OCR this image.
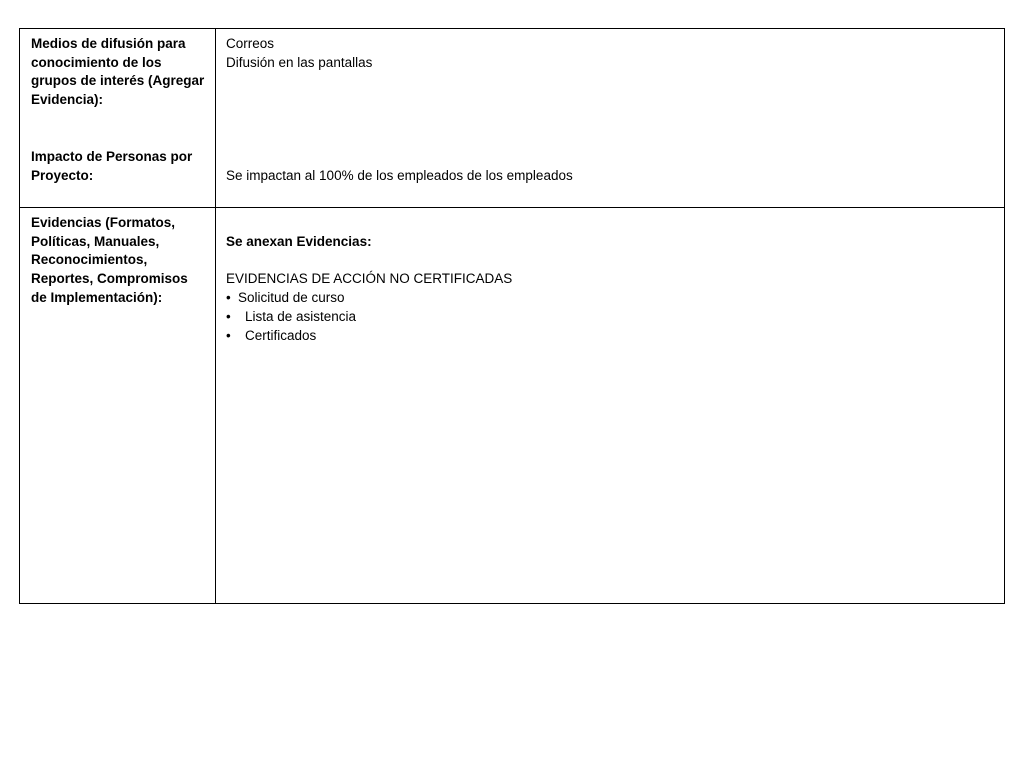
Medios de difusión para
conocimiento de los
grupos de interés (Agregar
Evidencia):
Correos
Difusión en las pantallas
Impacto de Personas por
Proyecto:	Se impactan al 100% de los empleados de los empleados
Evidencias (Formatos,
Políticas, Manuales,
Reconocimientos,
Reportes, Compromisos
de Implementación):
Se anexan Evidencias:
EVIDENCIAS DE ACCIÓN NO CERTIFICADAS
• Solicitud de curso
• Lista de asistencia
• Certificados
